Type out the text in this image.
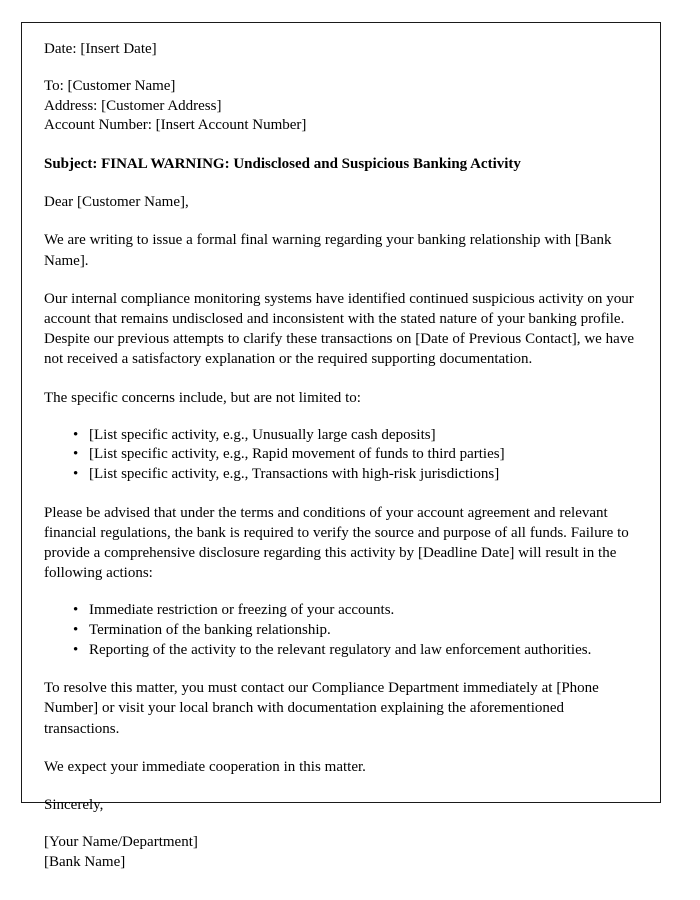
Date: [Insert Date]

To: [Customer Name]
Address: [Customer Address]
Account Number: [Insert Account Number]

Subject: FINAL WARNING: Undisclosed and Suspicious Banking Activity

Dear [Customer Name],

We are writing to issue a formal final warning regarding your banking relationship with [Bank Name].

Our internal compliance monitoring systems have identified continued suspicious activity on your account that remains undisclosed and inconsistent with the stated nature of your banking profile. Despite our previous attempts to clarify these transactions on [Date of Previous Contact], we have not received a satisfactory explanation or the required supporting documentation.

The specific concerns include, but are not limited to:

• [List specific activity, e.g., Unusually large cash deposits]
• [List specific activity, e.g., Rapid movement of funds to third parties]
• [List specific activity, e.g., Transactions with high-risk jurisdictions]

Please be advised that under the terms and conditions of your account agreement and relevant financial regulations, the bank is required to verify the source and purpose of all funds. Failure to provide a comprehensive disclosure regarding this activity by [Deadline Date] will result in the following actions:

• Immediate restriction or freezing of your accounts.
• Termination of the banking relationship.
• Reporting of the activity to the relevant regulatory and law enforcement authorities.

To resolve this matter, you must contact our Compliance Department immediately at [Phone Number] or visit your local branch with documentation explaining the aforementioned transactions.

We expect your immediate cooperation in this matter.

Sincerely,

[Your Name/Department]
[Bank Name]
